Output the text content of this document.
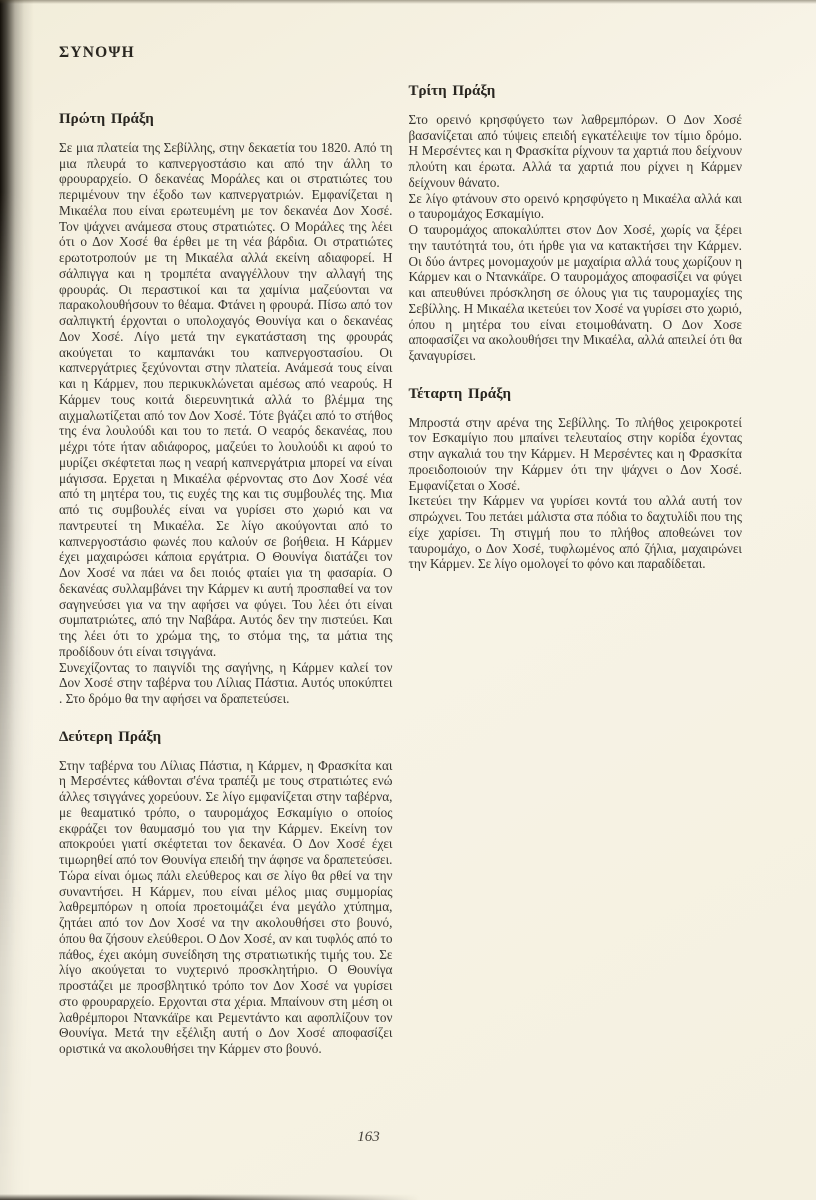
ΣΥΝΟΨΗ
Πρώτη Πράξη

Σε μια πλατεία της Σεβίλλης, στην δεκαετία του 1820. Από τη μια πλευρά το καπνεργοστάσιο και από την άλλη το φρουραρχείο. Ο δεκανέας Μοράλες και οι στρατιώτες του περιμένουν την έξοδο των καπνεργατριών. Εμφανίζεται η Μικαέλα που είναι ερωτευμένη με τον δεκανέα Δον Χοσέ. Τον ψάχνει ανάμεσα στους στρατιώτες. Ο Μοράλες της λέει ότι ο Δον Χοσέ θα έρθει με τη νέα βάρδια. Οι στρατιώτες ερωτοτροπούν με τη Μικαέλα αλλά εκείνη αδιαφορεί. Η σάλπιγγα και η τρομπέτα αναγγέλλουν την αλλαγή της φρουράς. Οι περαστικοί και τα χαμίνια μαζεύονται να παρακολουθήσουν το θέαμα. Φτάνει η φρουρά. Πίσω από τον σαλπιγκτή έρχονται ο υπολοχαγός Θουνίγα και ο δεκανέας Δον Χοσέ. Λίγο μετά την εγκατάσταση της φρουράς ακούγεται το καμπανάκι του καπνεργοστασίου. Οι καπνεργάτριες ξεχύνονται στην πλατεία. Ανάμεσά τους είναι και η Κάρμεν, που περικυκλώνεται αμέσως από νεαρούς. Η Κάρμεν τους κοιτά διερευνητικά αλλά το βλέμμα της αιχμαλωτίζεται από τον Δον Χοσέ. Τότε βγάζει από το στήθος της ένα λουλούδι και του το πετά. Ο νεαρός δεκανέας, που μέχρι τότε ήταν αδιάφορος, μαζεύει το λουλούδι κι αφού το μυρίζει σκέφτεται πως η νεαρή καπνεργάτρια μπορεί να είναι μάγισσα. Ερχεται η Μικαέλα φέρνοντας στο Δον Χοσέ νέα από τη μητέρα του, τις ευχές της και τις συμβουλές της. Μια από τις συμβουλές είναι να γυρίσει στο χωριό και να παντρευτεί τη Μικαέλα. Σε λίγο ακούγονται από το καπνεργοστάσιο φωνές που καλούν σε βοήθεια. Η Κάρμεν έχει μαχαιρώσει κάποια εργάτρια. Ο Θουνίγα διατάζει τον Δον Χοσέ να πάει να δει ποιός φταίει για τη φασαρία. Ο δεκανέας συλλαμβάνει την Κάρμεν κι αυτή προσπαθεί να τον σαγηνεύσει για να την αφήσει να φύγει. Του λέει ότι είναι συμπατριώτες, από την Ναβάρα. Αυτός δεν την πιστεύει. Και της λέει ότι το χρώμα της, το στόμα της, τα μάτια της προδίδουν ότι είναι τσιγγάνα.

Συνεχίζοντας το παιγνίδι της σαγήνης, η Κάρμεν καλεί τον Δον Χοσέ στην ταβέρνα του Λίλιας Πάστια. Αυτός υποκύπτει . Στο δρόμο θα την αφήσει να δραπετεύσει.

Δεύτερη Πράξη

Στην ταβέρνα του Λίλιας Πάστια, η Κάρμεν, η Φρασκίτα και η Μερσέντες κάθονται σ'ένα τραπέζι με τους στρατιώτες ενώ άλλες τσιγγάνες χορεύουν. Σε λίγο εμφανίζεται στην ταβέρνα, με θεαματικό τρόπο, ο ταυρομάχος Εσκαμίγιο ο οποίος εκφράζει τον θαυμασμό του για την Κάρμεν. Εκείνη τον αποκρούει γιατί σκέφτεται τον δεκανέα. Ο Δον Χοσέ έχει τιμωρηθεί από τον Θουνίγα επειδή την άφησε να δραπετεύσει. Τώρα είναι όμως πάλι ελεύθερος και σε λίγο θα ρθεί να την συναντήσει. Η Κάρμεν, που είναι μέλος μιας συμμορίας λαθρεμπόρων η οποία προετοιμάζει ένα μεγάλο χτύπημα, ζητάει από τον Δον Χοσέ να την ακολουθήσει στο βουνό, όπου θα ζήσουν ελεύθεροι. Ο Δον Χοσέ, αν και τυφλός από το πάθος, έχει ακόμη συνείδηση της στρατιωτικής τιμής του. Σε λίγο ακούγεται το νυχτερινό προσκλητήριο. Ο Θουνίγα προστάζει με προσβλητικό τρόπο τον Δον Χοσέ να γυρίσει στο φρουραρχείο. Ερχονται στα χέρια. Μπαίνουν στη μέση οι λαθρέμποροι Ντανκάϊρε και Ρεμεντάντο και αφοπλίζουν τον Θουνίγα. Μετά την εξέλιξη αυτή ο Δον Χοσέ αποφασίζει οριστικά να ακολουθήσει την Κάρμεν στο βουνό.

Τρίτη Πράξη

Στο ορεινό κρησφύγετο των λαθρεμπόρων. Ο Δον Χοσέ βασανίζεται από τύψεις επειδή εγκατέλειψε τον τίμιο δρόμο. Η Μερσέντες και η Φρασκίτα ρίχνουν τα χαρτιά που δείχνουν πλούτη και έρωτα. Αλλά τα χαρτιά που ρίχνει η Κάρμεν δείχνουν θάνατο.

Σε λίγο φτάνουν στο ορεινό κρησφύγετο η Μικαέλα αλλά και ο ταυρομάχος Εσκαμίγιο.

Ο ταυρομάχος αποκαλύπτει στον Δον Χοσέ, χωρίς να ξέρει την ταυτότητά του, ότι ήρθε για να κατακτήσει την Κάρμεν. Οι δύο άντρες μονομαχούν με μαχαίρια αλλά τους χωρίζουν η Κάρμεν και ο Ντανκάϊρε. Ο ταυρομάχος αποφασίζει να φύγει και απευθύνει πρόσκληση σε όλους για τις ταυρομαχίες της Σεβίλλης. Η Μικαέλα ικετεύει τον Χοσέ να γυρίσει στο χωριό, όπου η μητέρα του είναι ετοιμοθάνατη. Ο Δον Χοσε αποφασίζει να ακολουθήσει την Μικαέλα, αλλά απειλεί ότι θα ξαναγυρίσει.

Τέταρτη Πράξη

Μπροστά στην αρένα της Σεβίλλης. Το πλήθος χειροκροτεί τον Εσκαμίγιο που μπαίνει τελευταίος στην κορίδα έχοντας στην αγκαλιά του την Κάρμεν. Η Μερσέντες και η Φρασκίτα προειδοποιούν την Κάρμεν ότι την ψάχνει ο Δον Χοσέ. Εμφανίζεται ο Χοσέ.

Ικετεύει την Κάρμεν να γυρίσει κοντά του αλλά αυτή τον σπρώχνει. Του πετάει μάλιστα στα πόδια το δαχτυλίδι που της είχε χαρίσει. Τη στιγμή που το πλήθος αποθεώνει τον ταυρομάχο, ο Δον Χοσέ, τυφλωμένος από ζήλια, μαχαιρώνει την Κάρμεν. Σε λίγο ομολογεί το φόνο και παραδίδεται.

163
